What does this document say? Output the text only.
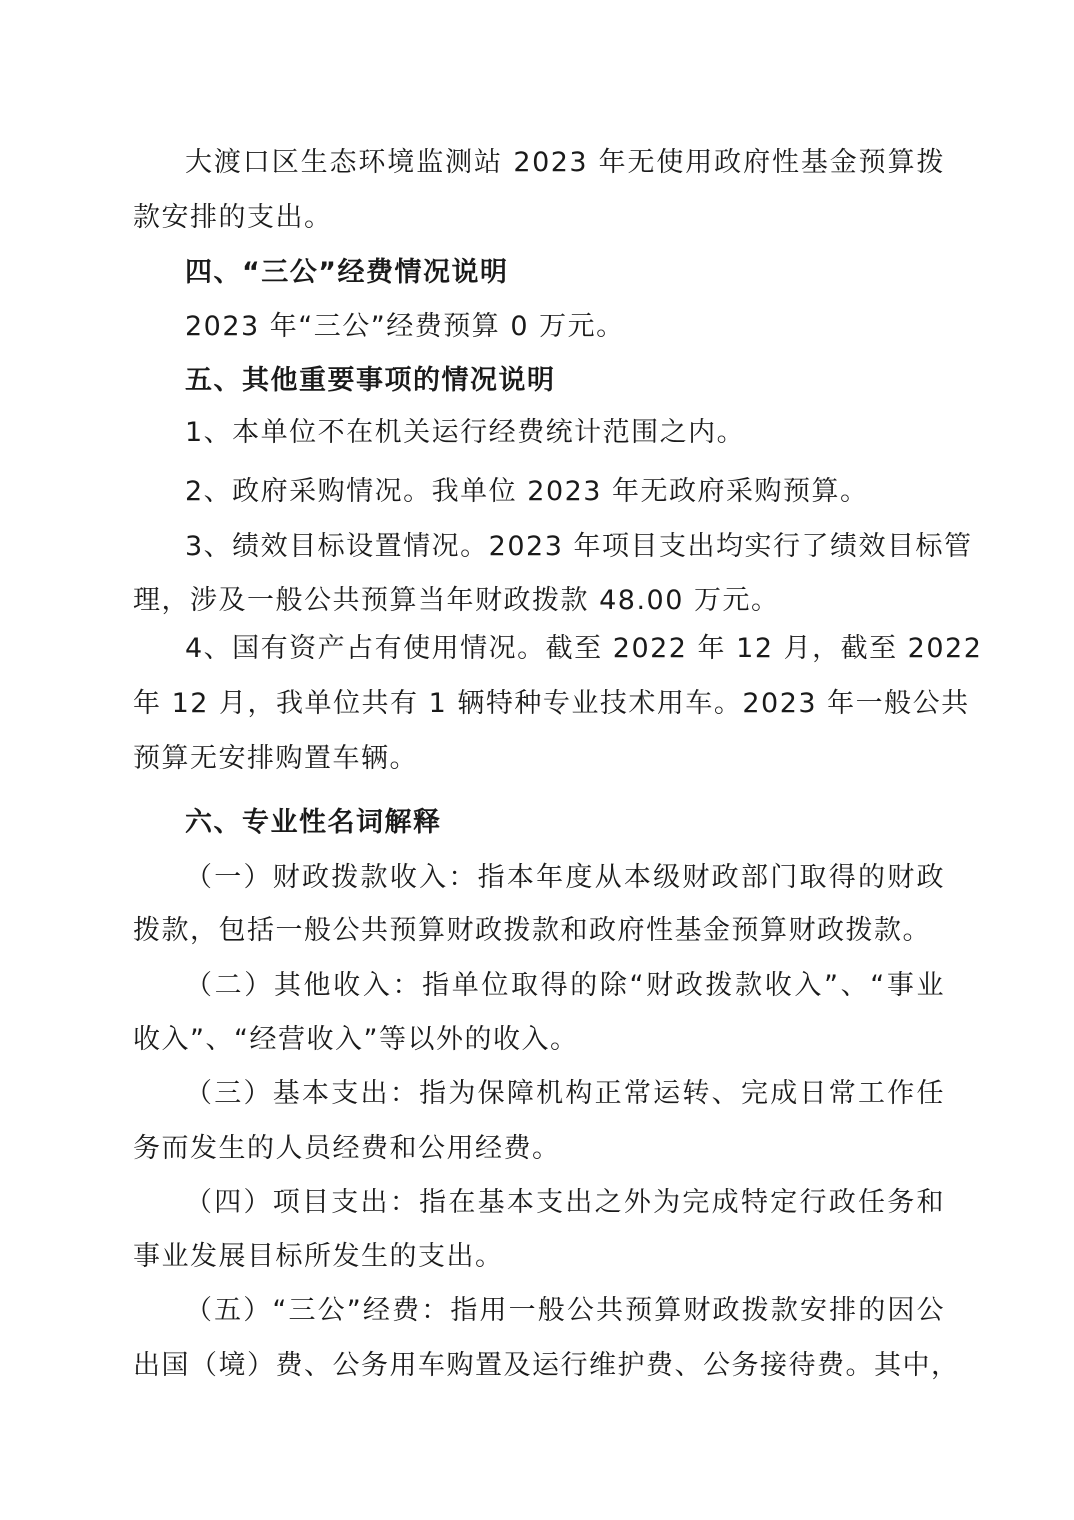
大渡口区生态环境监测站 2023 年无使用政府性基金预算拨
款安排的支出。
四、“三公”经费情况说明
2023 年“三公”经费预算 0 万元。
五、其他重要事项的情况说明
1、本单位不在机关运行经费统计范围之内。
2、政府采购情况。我单位 2023 年无政府采购预算。
3、绩效目标设置情况。2023 年项目支出均实行了绩效目标管
理，涉及一般公共预算当年财政拨款 48.00 万元。
4、国有资产占有使用情况。截至 2022 年 12 月，截至 2022
年 12 月，我单位共有 1 辆特种专业技术用车。2023 年一般公共
预算无安排购置车辆。
六、专业性名词解释
（一）财政拨款收入：指本年度从本级财政部门取得的财政
拨款，包括一般公共预算财政拨款和政府性基金预算财政拨款。
（二）其他收入：指单位取得的除“财政拨款收入”、“事业
收入”、“经营收入”等以外的收入。
（三）基本支出：指为保障机构正常运转、完成日常工作任
务而发生的人员经费和公用经费。
（四）项目支出：指在基本支出之外为完成特定行政任务和
事业发展目标所发生的支出。
（五）“三公”经费：指用一般公共预算财政拨款安排的因公
出国（境）费、公务用车购置及运行维护费、公务接待费。其中，
